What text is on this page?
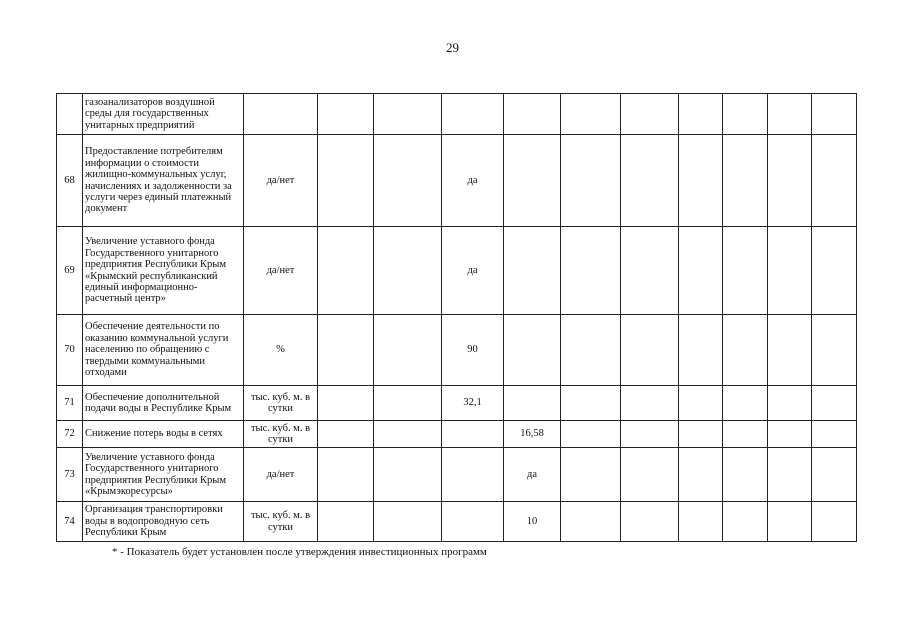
29
	газоанализаторов воздушной среды для государственных унитарных предприятий												
68	Предоставление потребителям информации о стоимости жилищно-коммунальных услуг, начислениях и задолженности за услуги через единый платежный документ	да/нет			да								
69	Увеличение уставного фонда Государственного унитарного предприятия Республики Крым «Крымский республиканский единый информационно-расчетный центр»	да/нет			да								
70	Обеспечение деятельности по оказанию коммунальной услуги населению по обращению с твердыми коммунальными отходами	%			90								
71	Обеспечение дополнительной подачи воды в Республике Крым	тыс. куб. м. в сутки			32,1								
72	Снижение потерь воды в сетях	тыс. куб. м. в сутки				16,58							
73	Увеличение уставного фонда Государственного унитарного предприятия Республики Крым «Крымэкоресурсы»	да/нет				да							
74	Организация транспортировки воды в водопроводную сеть Республики Крым	тыс. куб. м. в сутки				10							
* - Показатель будет установлен после утверждения инвестиционных программ
